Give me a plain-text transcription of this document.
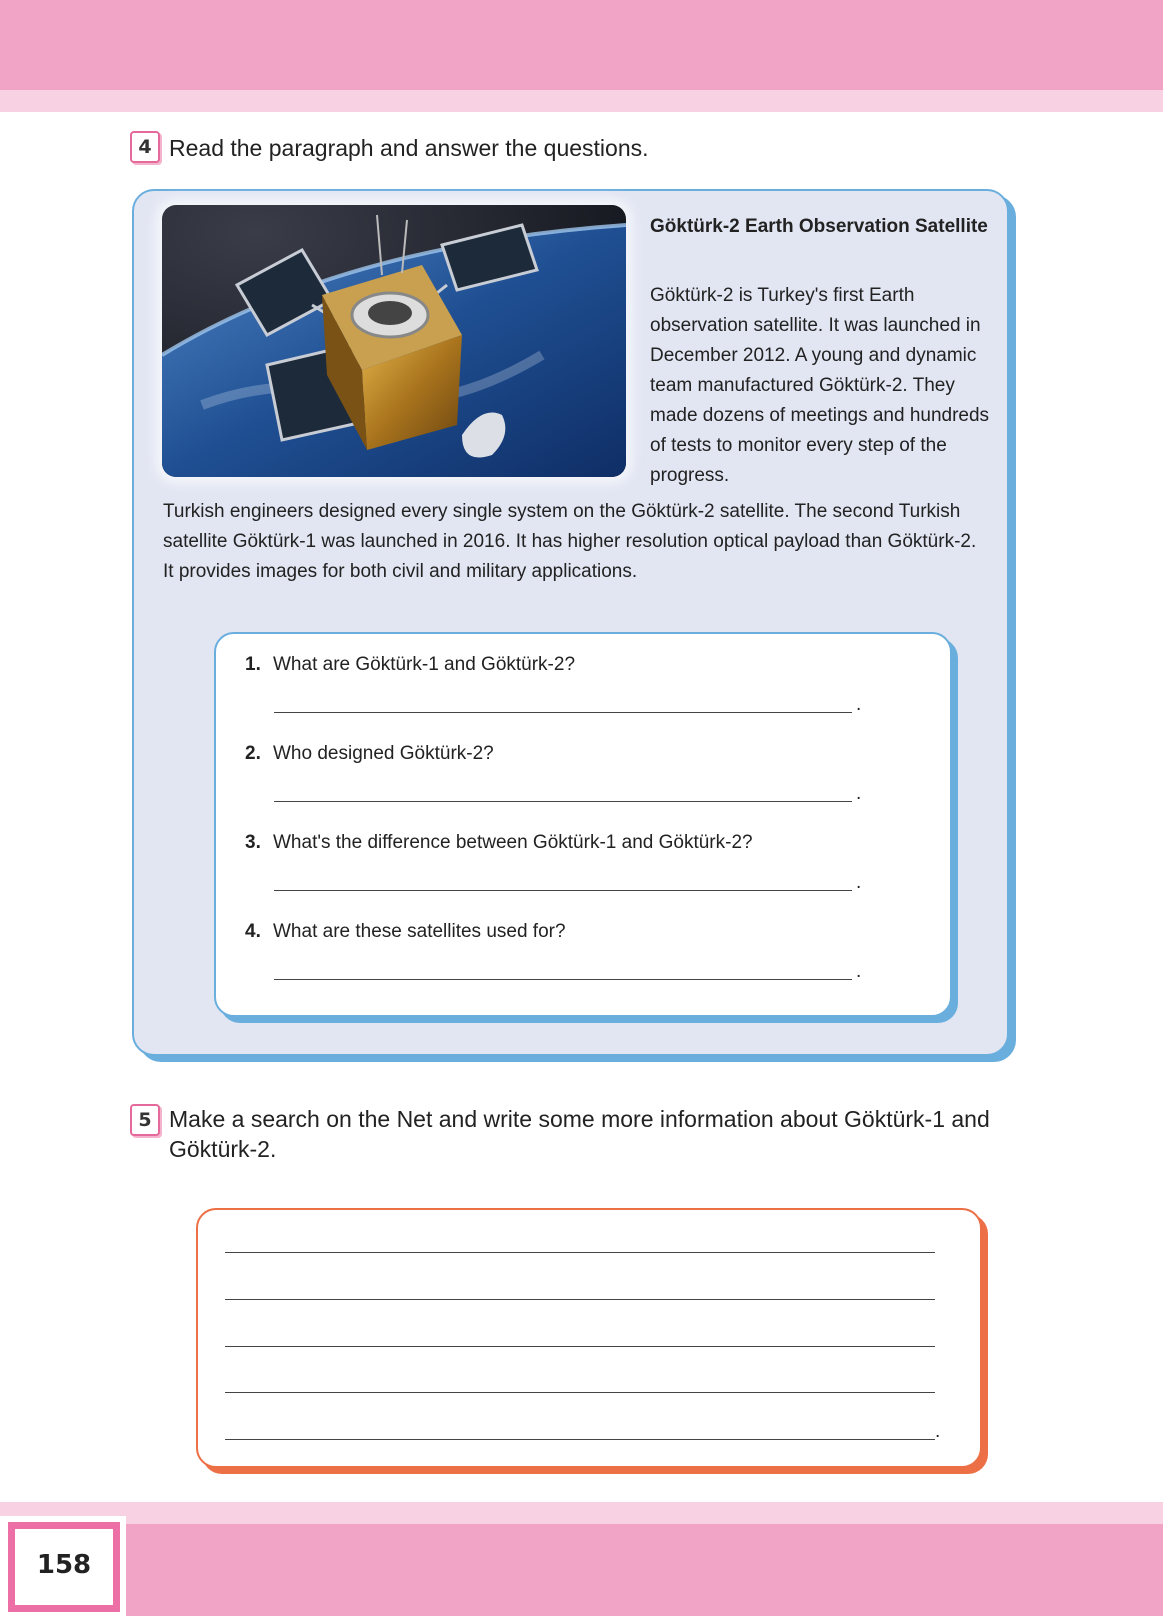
4 Read the paragraph and answer the questions.
Göktürk-2 Earth Observation Satellite
Göktürk-2 is Turkey's first Earth observation satellite. It was launched in December 2012. A young and dynamic team manufactured Göktürk-2. They made dozens of meetings and hundreds of tests to monitor every step of the progress.
Turkish engineers designed every single system on the Göktürk-2 satellite. The second Turkish satellite Göktürk-1 was launched in 2016. It has higher resolution optical payload than Göktürk-2. It provides images for both civil and military applications.
1. What are Göktürk-1 and Göktürk-2?
.
2. Who designed Göktürk-2?
.
3. What's the difference between Göktürk-1 and Göktürk-2?
.
4. What are these satellites used for?
.
5 Make a search on the Net and write some more information about Göktürk-1 and Göktürk-2.
.
158
